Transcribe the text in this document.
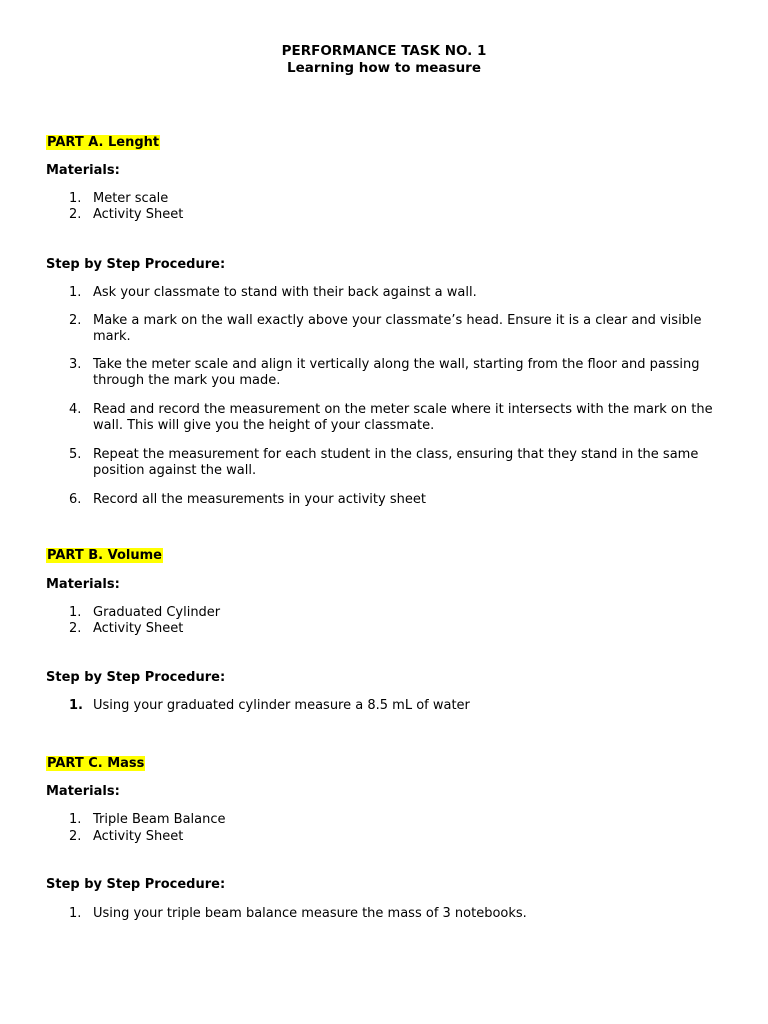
PERFORMANCE TASK NO. 1
Learning how to measure
PART A. Lenght
Materials:
1. Meter scale
2. Activity Sheet
Step by Step Procedure:
1. Ask your classmate to stand with their back against a wall.
2. Make a mark on the wall exactly above your classmate’s head. Ensure it is a clear and visible mark.
3. Take the meter scale and align it vertically along the wall, starting from the floor and passing through the mark you made.
4. Read and record the measurement on the meter scale where it intersects with the mark on the wall. This will give you the height of your classmate.
5. Repeat the measurement for each student in the class, ensuring that they stand in the same position against the wall.
6. Record all the measurements in your activity sheet
PART B. Volume
Materials:
1. Graduated Cylinder
2. Activity Sheet
Step by Step Procedure:
1. Using your graduated cylinder measure a 8.5 mL of water
PART C. Mass
Materials:
1. Triple Beam Balance
2. Activity Sheet
Step by Step Procedure:
1. Using your triple beam balance measure the mass of 3 notebooks.
